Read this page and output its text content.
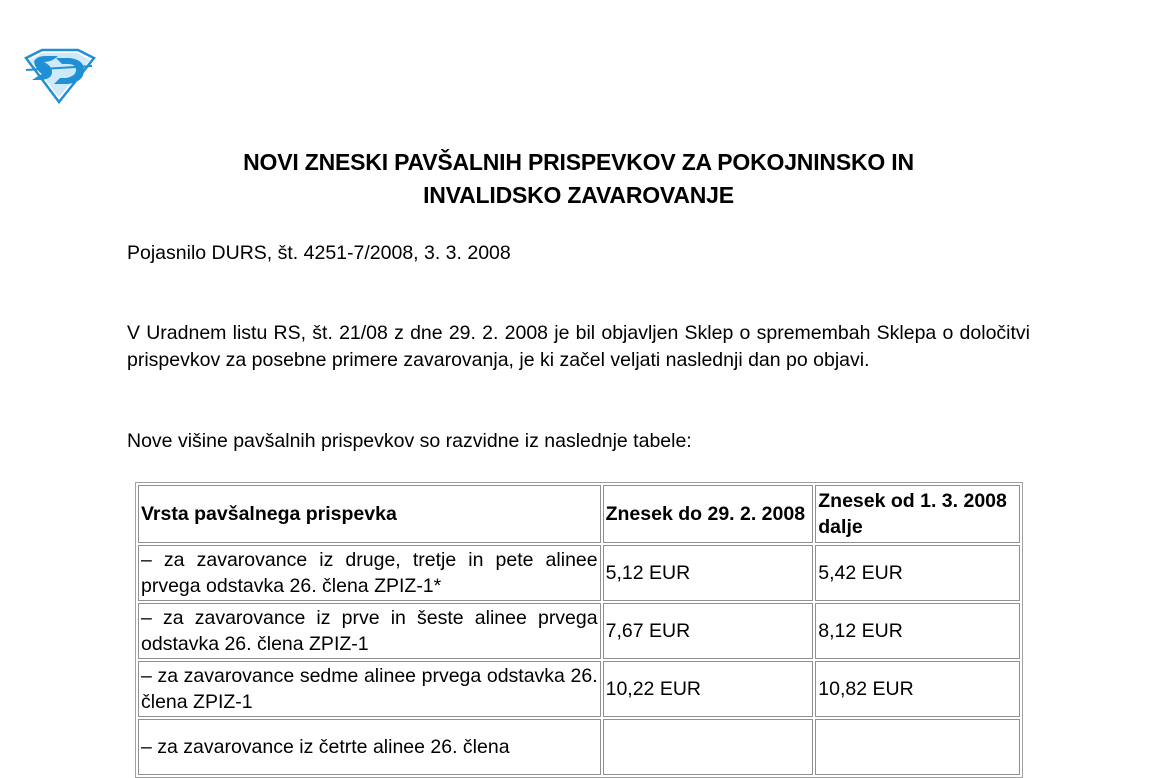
NOVI ZNESKI PAVŠALNIH PRISPEVKOV ZA POKOJNINSKO IN
INVALIDSKO ZAVAROVANJE
Pojasnilo DURS, št. 4251-7/2008, 3. 3. 2008
V Uradnem listu RS, št. 21/08 z dne 29. 2. 2008 je bil objavljen Sklep o spremembah Sklepa o določitvi prispevkov za posebne primere zavarovanja, je ki začel veljati naslednji dan po objavi.
Nove višine pavšalnih prispevkov so razvidne iz naslednje tabele:
Vrsta pavšalnega prispevka	Znesek do 29. 2. 2008	Znesek od 1. 3. 2008 dalje
– za zavarovance iz druge, tretje in pete alinee prvega odstavka 26. člena ZPIZ-1*	5,12 EUR	5,42 EUR
– za zavarovance iz prve in šeste alinee prvega odstavka 26. člena ZPIZ-1	7,67 EUR	8,12 EUR
– za zavarovance sedme alinee prvega odstavka 26. člena ZPIZ-1	10,22 EUR	10,82 EUR
– za zavarovance iz četrte alinee 26. člena		
